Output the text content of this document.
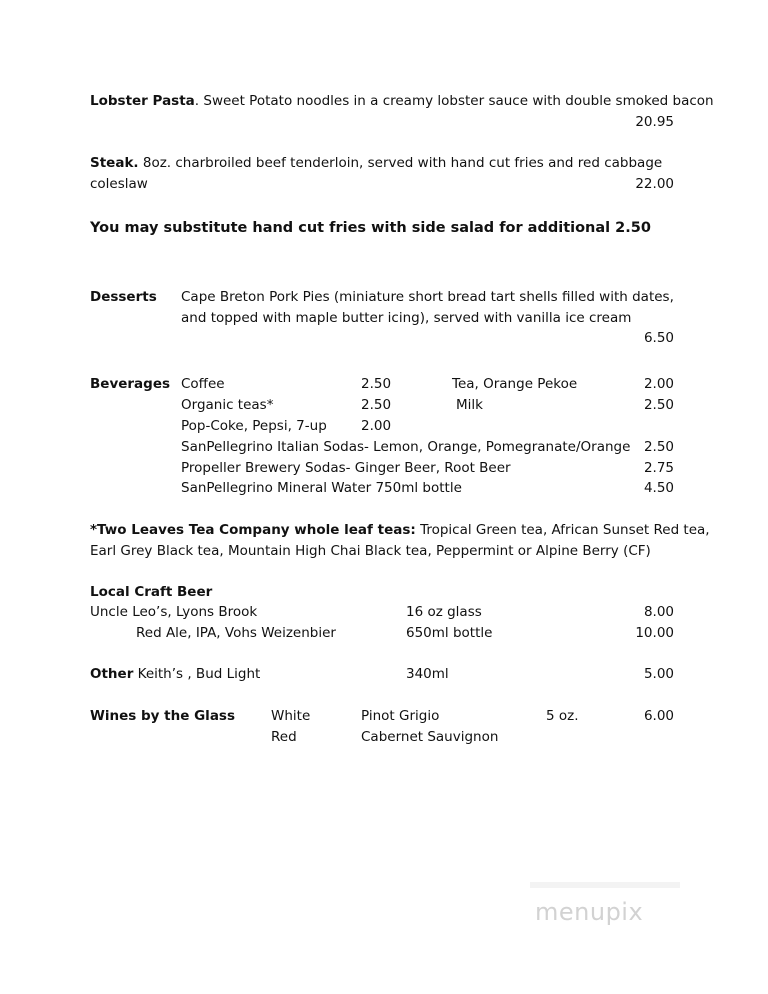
Lobster Pasta. Sweet Potato noodles in a creamy lobster sauce with double smoked bacon
20.95
Steak. 8oz. charbroiled beef tenderloin, served with hand cut fries and red cabbage
coleslaw	22.00
You may substitute hand cut fries with side salad for additional 2.50
Desserts Cape Breton Pork Pies (miniature short bread tart shells filled with dates,
and topped with maple butter icing), served with vanilla ice cream
6.50
Beverages Coffee	2.50	Tea, Orange Pekoe	2.00
Organic teas*	2.50	Milk	2.50
Pop-Coke, Pepsi, 7-up	2.00
SanPellegrino Italian Sodas- Lemon, Orange, Pomegranate/Orange 2.50
Propeller Brewery Sodas- Ginger Beer, Root Beer	2.75
SanPellegrino Mineral Water 750ml bottle	4.50
*Two Leaves Tea Company whole leaf teas: Tropical Green tea, African Sunset Red tea,
Earl Grey Black tea, Mountain High Chai Black tea, Peppermint or Alpine Berry (CF)
Local Craft Beer
Uncle Leo’s, Lyons Brook	16 oz glass	8.00
Red Ale, IPA, Vohs Weizenbier	650ml bottle	10.00
Other Keith’s , Bud Light	340ml	5.00
Wines by the Glass	White	Pinot Grigio	5 oz.	6.00
Red	Cabernet Sauvignon
menupix
